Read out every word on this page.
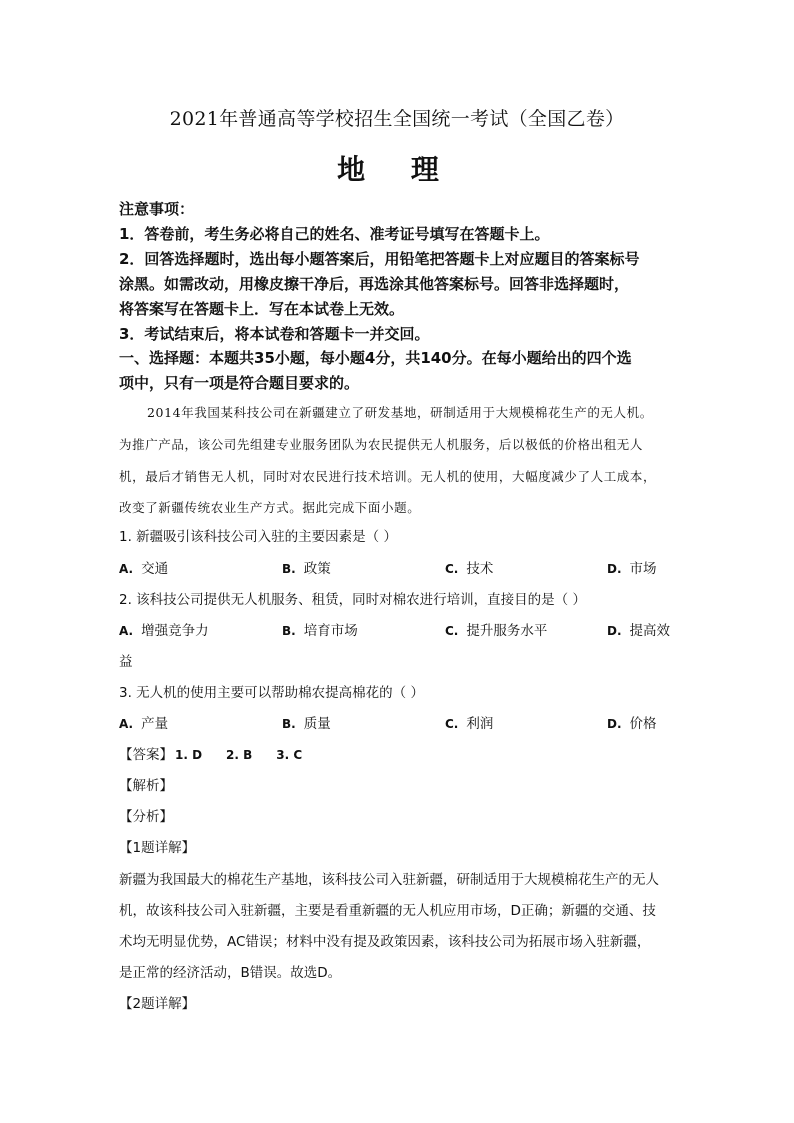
2021年普通高等学校招生全国统一考试（全国乙卷）
地 理
注意事项：
1．答卷前，考生务必将自己的姓名、准考证号填写在答题卡上。
2．回答选择题时，选出每小题答案后，用铅笔把答题卡上对应题目的答案标号
涂黑。如需改动，用橡皮擦干净后，再选涂其他答案标号。回答非选择题时，
将答案写在答题卡上．写在本试卷上无效。
3．考试结束后，将本试卷和答题卡一并交回。
一、选择题：本题共35小题，每小题4分，共140分。在每小题给出的四个选
项中，只有一项是符合题目要求的。
2014年我国某科技公司在新疆建立了研发基地，研制适用于大规模棉花生产的无人机。
为推广产品，该公司先组建专业服务团队为农民提供无人机服务，后以极低的价格出租无人
机，最后才销售无人机，同时对农民进行技术培训。无人机的使用，大幅度减少了人工成本，
改变了新疆传统农业生产方式。据此完成下面小题。
1. 新疆吸引该科技公司入驻的主要因素是（ ）
A. 交通	B. 政策	C. 技术	D. 市场
2. 该科技公司提供无人机服务、租赁，同时对棉农进行培训，直接目的是（ ）
A. 增强竞争力	B. 培育市场	C. 提升服务水平	D. 提高效
益
3. 无人机的使用主要可以帮助棉农提高棉花的（ ）
A. 产量	B. 质量	C. 利润	D. 价格
【答案】 1. D 2. B 3. C
【解析】
【分析】
【1题详解】
新疆为我国最大的棉花生产基地，该科技公司入驻新疆，研制适用于大规模棉花生产的无人
机，故该科技公司入驻新疆，主要是看重新疆的无人机应用市场，D正确；新疆的交通、技
术均无明显优势，AC错误；材料中没有提及政策因素，该科技公司为拓展市场入驻新疆，
是正常的经济活动，B错误。故选D。
【2题详解】
